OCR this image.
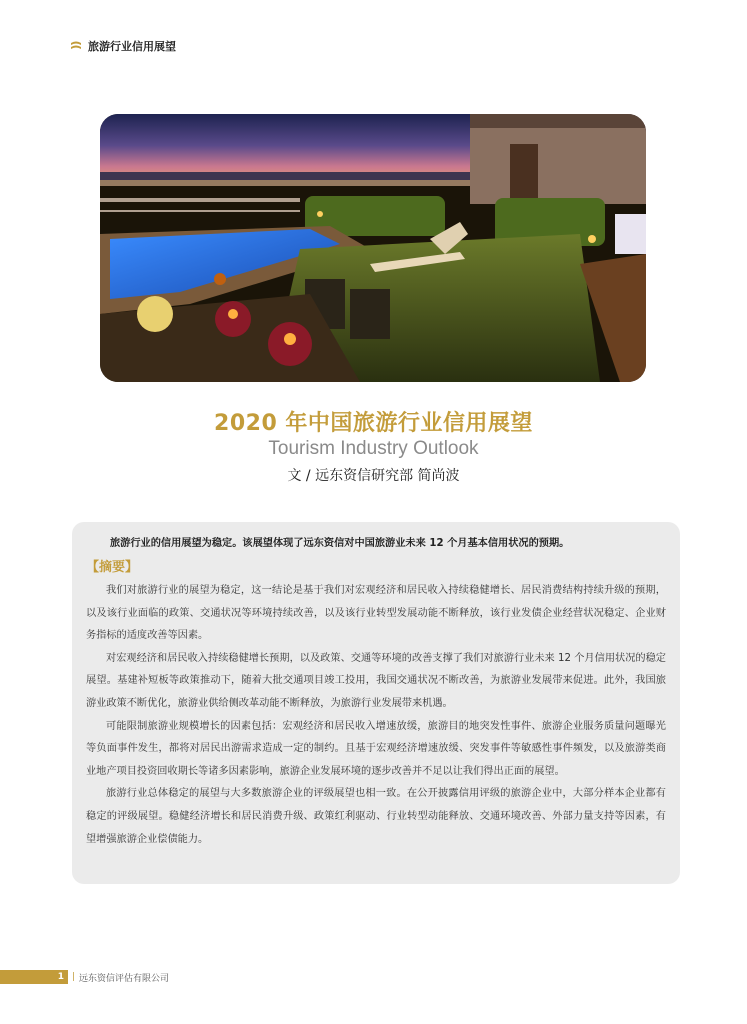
旅游行业信用展望
2020 年中国旅游行业信用展望
Tourism Industry Outlook
文 / 远东资信研究部 简尚波

旅游行业的信用展望为稳定。该展望体现了远东资信对中国旅游业未来 12 个月基本信用状况的预期。

【摘要】

我们对旅游行业的展望为稳定，这一结论是基于我们对宏观经济和居民收入持续稳健增长、居民消费结构持续升级的预期，以及该行业面临的政策、交通状况等环境持续改善，以及该行业转型发展动能不断释放，该行业发债企业经营状况稳定、企业财务指标的适度改善等因素。

对宏观经济和居民收入持续稳健增长预期，以及政策、交通等环境的改善支撑了我们对旅游行业未来 12 个月信用状况的稳定展望。基建补短板等政策推动下，随着大批交通项目竣工投用，我国交通状况不断改善，为旅游业发展带来促进。此外，我国旅游业政策不断优化，旅游业供给侧改革动能不断释放，为旅游行业发展带来机遇。

可能限制旅游业规模增长的因素包括：宏观经济和居民收入增速放缓，旅游目的地突发性事件、旅游企业服务质量问题曝光等负面事件发生，都将对居民出游需求造成一定的制约。且基于宏观经济增速放缓、突发事件等敏感性事件频发，以及旅游类商业地产项目投资回收期长等诸多因素影响，旅游企业发展环境的逐步改善并不足以让我们得出正面的展望。

旅游行业总体稳定的展望与大多数旅游企业的评级展望也相一致。在公开披露信用评级的旅游企业中，大部分样本企业都有稳定的评级展望。稳健经济增长和居民消费升级、政策红利驱动、行业转型动能释放、交通环境改善、外部力量支持等因素，有望增强旅游企业偿债能力。

1 | 远东资信评估有限公司
